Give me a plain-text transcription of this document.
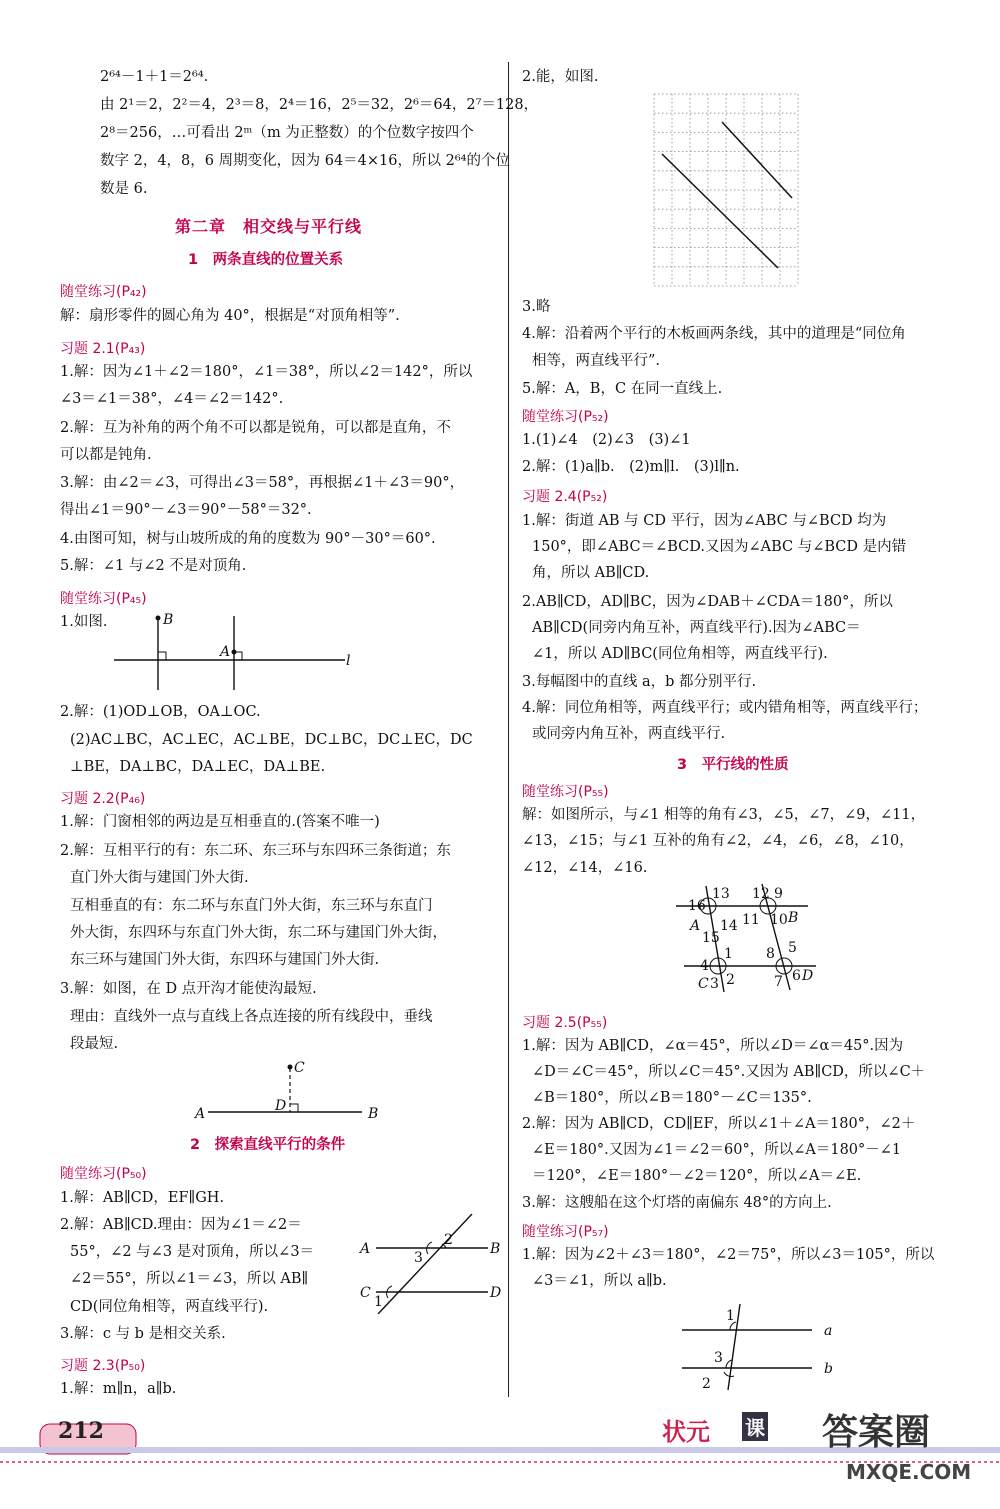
2⁶⁴－1＋1＝2⁶⁴.
由 2¹＝2，2²＝4，2³＝8，2⁴＝16，2⁵＝32，2⁶＝64，2⁷＝128，
2⁸＝256，…可看出 2ᵐ（m 为正整数）的个位数字按四个
数字 2，4，8，6 周期变化，因为 64＝4×16，所以 2⁶⁴的个位
数是 6.
第二章　相交线与平行线
1　两条直线的位置关系
随堂练习(P₄₂)
解：扇形零件的圆心角为 40°，根据是“对顶角相等”.
习题 2.1(P₄₃)
1.解：因为∠1＋∠2＝180°，∠1＝38°，所以∠2＝142°，所以
∠3＝∠1＝38°，∠4＝∠2＝142°.
2.解：互为补角的两个角不可以都是锐角，可以都是直角，不
可以都是钝角.
3.解：由∠2＝∠3，可得出∠3＝58°，再根据∠1＋∠3＝90°，
得出∠1＝90°－∠3＝90°－58°＝32°.
4.由图可知，树与山坡所成的角的度数为 90°－30°＝60°.
5.解：∠1 与∠2 不是对顶角.
随堂练习(P₄₅)
1.如图.	B
A
l
2.解：(1)OD⊥OB，OA⊥OC.
(2)AC⊥BC，AC⊥EC，AC⊥BE，DC⊥BC，DC⊥EC，DC
⊥BE，DA⊥BC，DA⊥EC，DA⊥BE.
习题 2.2(P₄₆)
1.解：门窗相邻的两边是互相垂直的.(答案不唯一)
2.解：互相平行的有：东二环、东三环与东四环三条街道；东
直门外大街与建国门外大街.
互相垂直的有：东二环与东直门外大街，东三环与东直门
外大街，东四环与东直门外大街，东二环与建国门外大街，
东三环与建国门外大街，东四环与建国门外大街.
3.解：如图，在 D 点开沟才能使沟最短.
理由：直线外一点与直线上各点连接的所有线段中，垂线
段最短.
C
D
A	B
2　探索直线平行的条件
随堂练习(P₅₀)
1.解：AB∥CD，EF∥GH.
2.解：AB∥CD.理由：因为∠1＝∠2＝
55°，∠2 与∠3 是对顶角，所以∠3＝
∠2＝55°，所以∠1＝∠3，所以 AB∥
CD(同位角相等，两直线平行).
A	B
C	D
2
3
1
3.解：c 与 b 是相交关系.
习题 2.3(P₅₀)
1.解：m∥n，a∥b.
2.能，如图.
3.略
4.解：沿着两个平行的木板画两条线，其中的道理是“同位角
相等，两直线平行”.
5.解：A，B，C 在同一直线上.
随堂练习(P₅₂)
1.(1)∠4　(2)∠3　(3)∠1
2.解：(1)a∥b.　(2)m∥l.　(3)l∥n.
习题 2.4(P₅₂)
1.解：街道 AB 与 CD 平行，因为∠ABC 与∠BCD 均为
150°，即∠ABC＝∠BCD.又因为∠ABC 与∠BCD 是内错
角，所以 AB∥CD.
2.AB∥CD，AD∥BC，因为∠DAB＋∠CDA＝180°，所以
AB∥CD(同旁内角互补，两直线平行).因为∠ABC＝
∠1，所以 AD∥BC(同位角相等，两直线平行).
3.每幅图中的直线 a，b 都分别平行.
4.解：同位角相等，两直线平行；或内错角相等，两直线平行；
或同旁内角互补，两直线平行.
3　平行线的性质
随堂练习(P₅₅)
解：如图所示，与∠1 相等的角有∠3，∠5，∠7，∠9，∠11，
∠13，∠15；与∠1 互补的角有∠2，∠4，∠6，∠8，∠10，
∠12，∠14，∠16.
13
16
A
15
14
12 9
11 10 B
1
4
C 3 2
8 5
7 6 D
习题 2.5(P₅₅)
1.解：因为 AB∥CD，∠α＝45°，所以∠D＝∠α＝45°.因为
∠D＝∠C＝45°，所以∠C＝45°.又因为 AB∥CD，所以∠C＋
∠B＝180°，所以∠B＝180°－∠C＝135°.
2.解：因为 AB∥CD，CD∥EF，所以∠1＋∠A＝180°，∠2＋
∠E＝180°.又因为∠1＝∠2＝60°，所以∠A＝180°－∠1
＝120°，∠E＝180°－∠2＝120°，所以∠A＝∠E.
3.解：这艘船在这个灯塔的南偏东 48°的方向上.
随堂练习(P₅₇)
1.解：因为∠2＋∠3＝180°，∠2＝75°，所以∠3＝105°，所以
∠3＝∠1，所以 a∥b.
1
3
2
a
b
212	状元 课 答案圈
MXQE.COM
